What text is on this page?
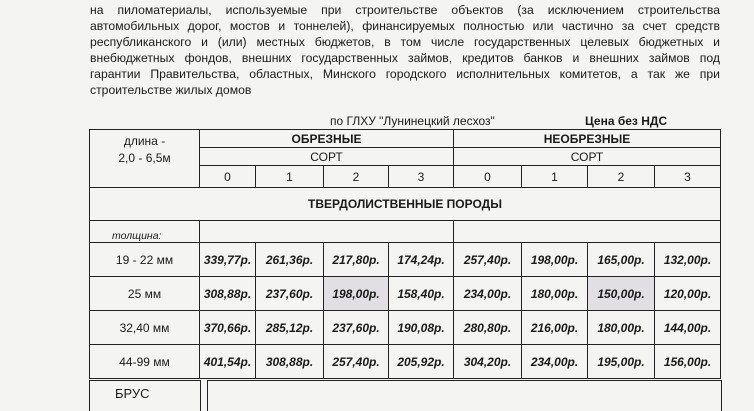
на пиломатериалы, используемые при строительстве объектов (за исключением строительства
автомобильных дорог, мостов и тоннелей), финансируемых полностью или частично за счет средств
республиканского и (или) местных бюджетов, в том числе государственных целевых бюджетных и
внебюджетных фондов, внешних государственных займов, кредитов банков и внешних займов под
гарантии Правительства, областных, Минского городского исполнительных комитетов, а так же при
строительстве жилых домов
по ГЛХУ "Лунинецкий лесхоз"	Цена без НДС
длина -
2,0 - 6,5м	ОБРЕЗНЫЕ				НЕОБРЕЗНЫЕ			
	СОРТ				СОРТ			
	0	1	2	3	0	1	2	3
ТВЕРДОЛИСТВЕННЫЕ ПОРОДЫ								
толщина:								
19 - 22 мм	339,77р.	261,36р.	217,80р.	174,24р.	257,40р.	198,00р.	165,00р.	132,00р.
25 мм	308,88р.	237,60р.	198,00р.	158,40р.	234,00р.	180,00р.	150,00р.	120,00р.
32,40 мм	370,66р.	285,12р.	237,60р.	190,08р.	280,80р.	216,00р.	180,00р.	144,00р.
44-99 мм	401,54р.	308,88р.	257,40р.	205,92р.	304,20р.	234,00р.	195,00р.	156,00р.
БРУС
